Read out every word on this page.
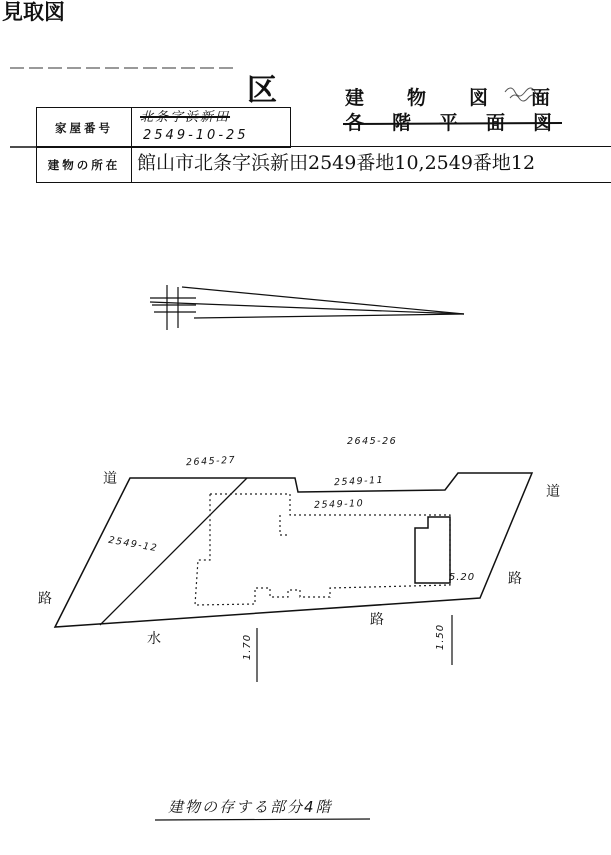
見取図
区
家屋番号
北条字浜新田
2549-10-25
建物の所在 館山市北条字浜新田2549番地10,2549番地12
建物図面
各階平面図
2645-26
2645-27
2549-11
2549-10
2549-12
道
道
路
路
水
路
5.20
1.70	1.50
建物の存する部分4階
